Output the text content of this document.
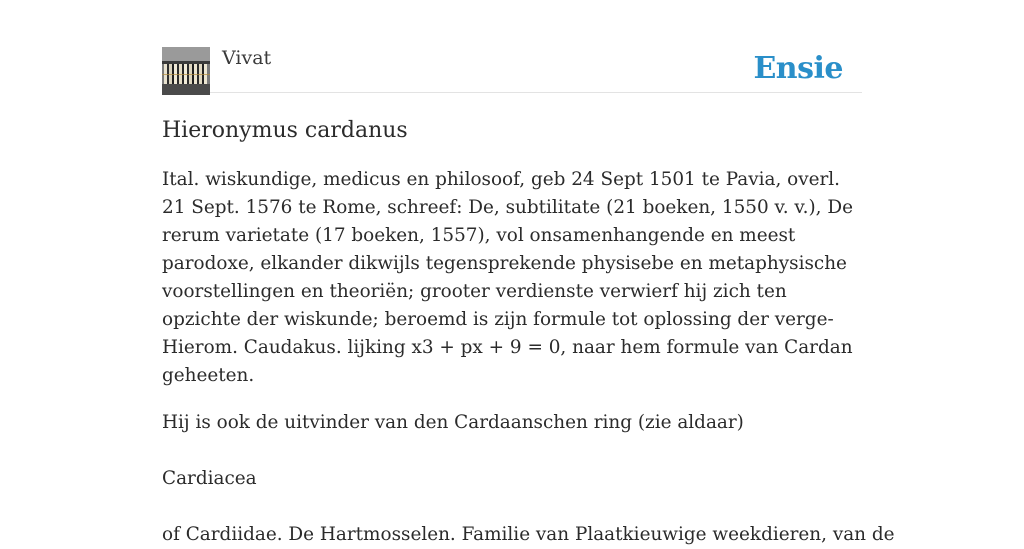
Vivat	Ensie
Hieronymus cardanus

Ital. wiskundige, medicus en philosoof, geb 24 Sept 1501 te Pavia, overl. 21 Sept. 1576 te Rome, schreef: De, subtilitate (21 boeken, 1550 v. v.), De rerum varietate (17 boeken, 1557), vol onsamenhangende en meest parodoxe, elkander dikwijls tegensprekende physisebe en metaphysische voorstellingen en theoriën; grooter verdienste verwierf hij zich ten opzichte der wiskunde; beroemd is zijn formule tot oplossing der verge- Hierom. Caudakus. lijking x3 + px + 9 = 0, naar hem formule van Cardan geheeten.

Hij is ook de uitvinder van den Cardaanschen ring (zie aldaar)

Cardiacea

of Cardiidae. De Hartmosselen. Familie van Plaatkieuwige weekdieren, van de
